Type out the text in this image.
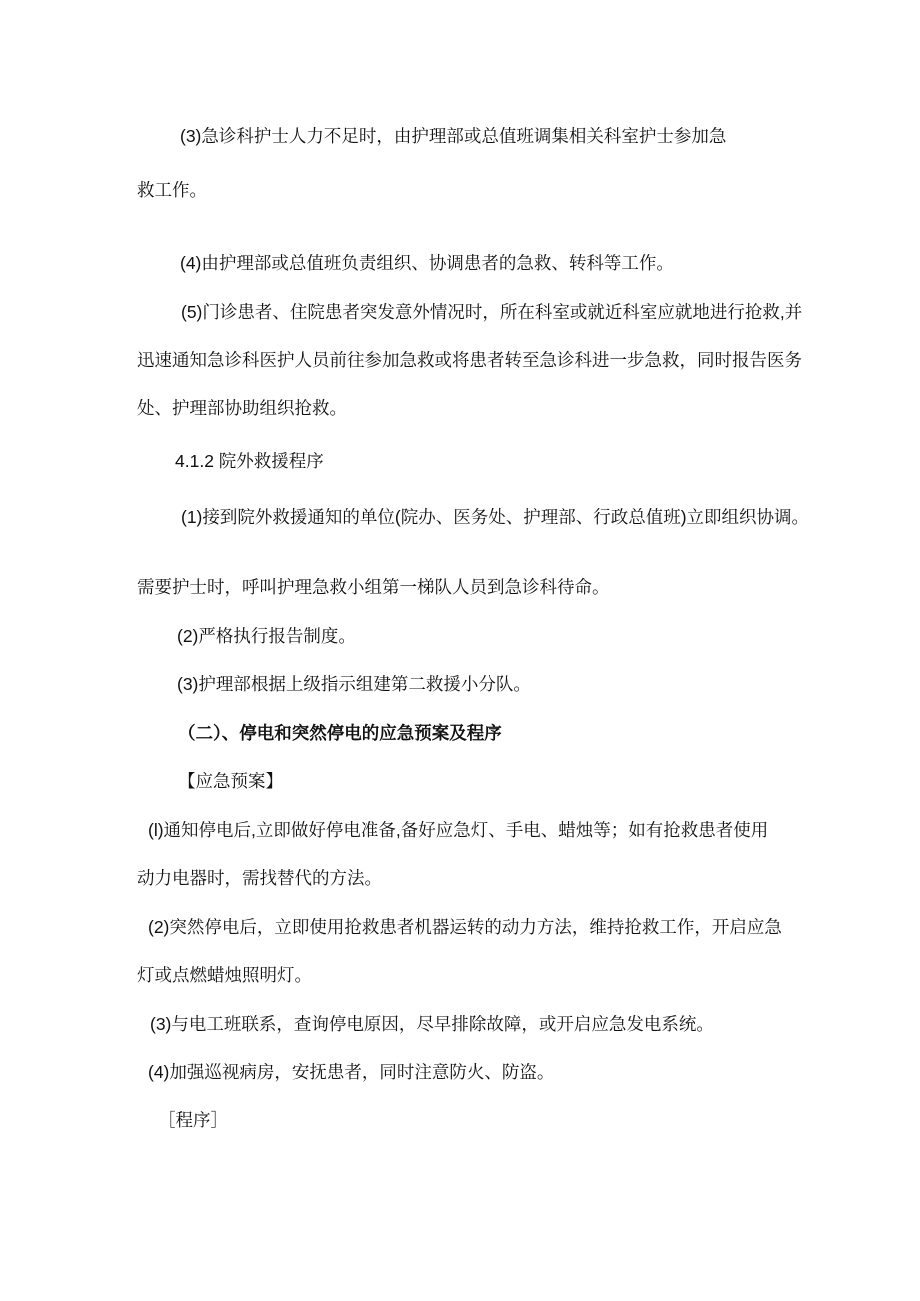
(3)急诊科护士人力不足时，由护理部或总值班调集相关科室护士参加急
救工作。
(4)由护理部或总值班负责组织、协调患者的急救、转科等工作。
(5)门诊患者、住院患者突发意外情况时，所在科室或就近科室应就地进行抢救,并
迅速通知急诊科医护人员前往参加急救或将患者转至急诊科进一步急救，同时报告医务
处、护理部协助组织抢救。
4.1.2 院外救援程序
(1)接到院外救援通知的单位(院办、医务处、护理部、行政总值班)立即组织协调。
需要护士时，呼叫护理急救小组第一梯队人员到急诊科待命。
(2)严格执行报告制度。
(3)护理部根据上级指示组建第二救援小分队。
（二）、停电和突然停电的应急预案及程序
【应急预案】
(l)通知停电后,立即做好停电准备,备好应急灯、手电、蜡烛等；如有抢救患者使用
动力电器时，需找替代的方法。
(2)突然停电后，立即使用抢救患者机器运转的动力方法，维持抢救工作，开启应急
灯或点燃蜡烛照明灯。
(3)与电工班联系，查询停电原因，尽早排除故障，或开启应急发电系统。
(4)加强巡视病房，安抚患者，同时注意防火、防盗。
［程序］
